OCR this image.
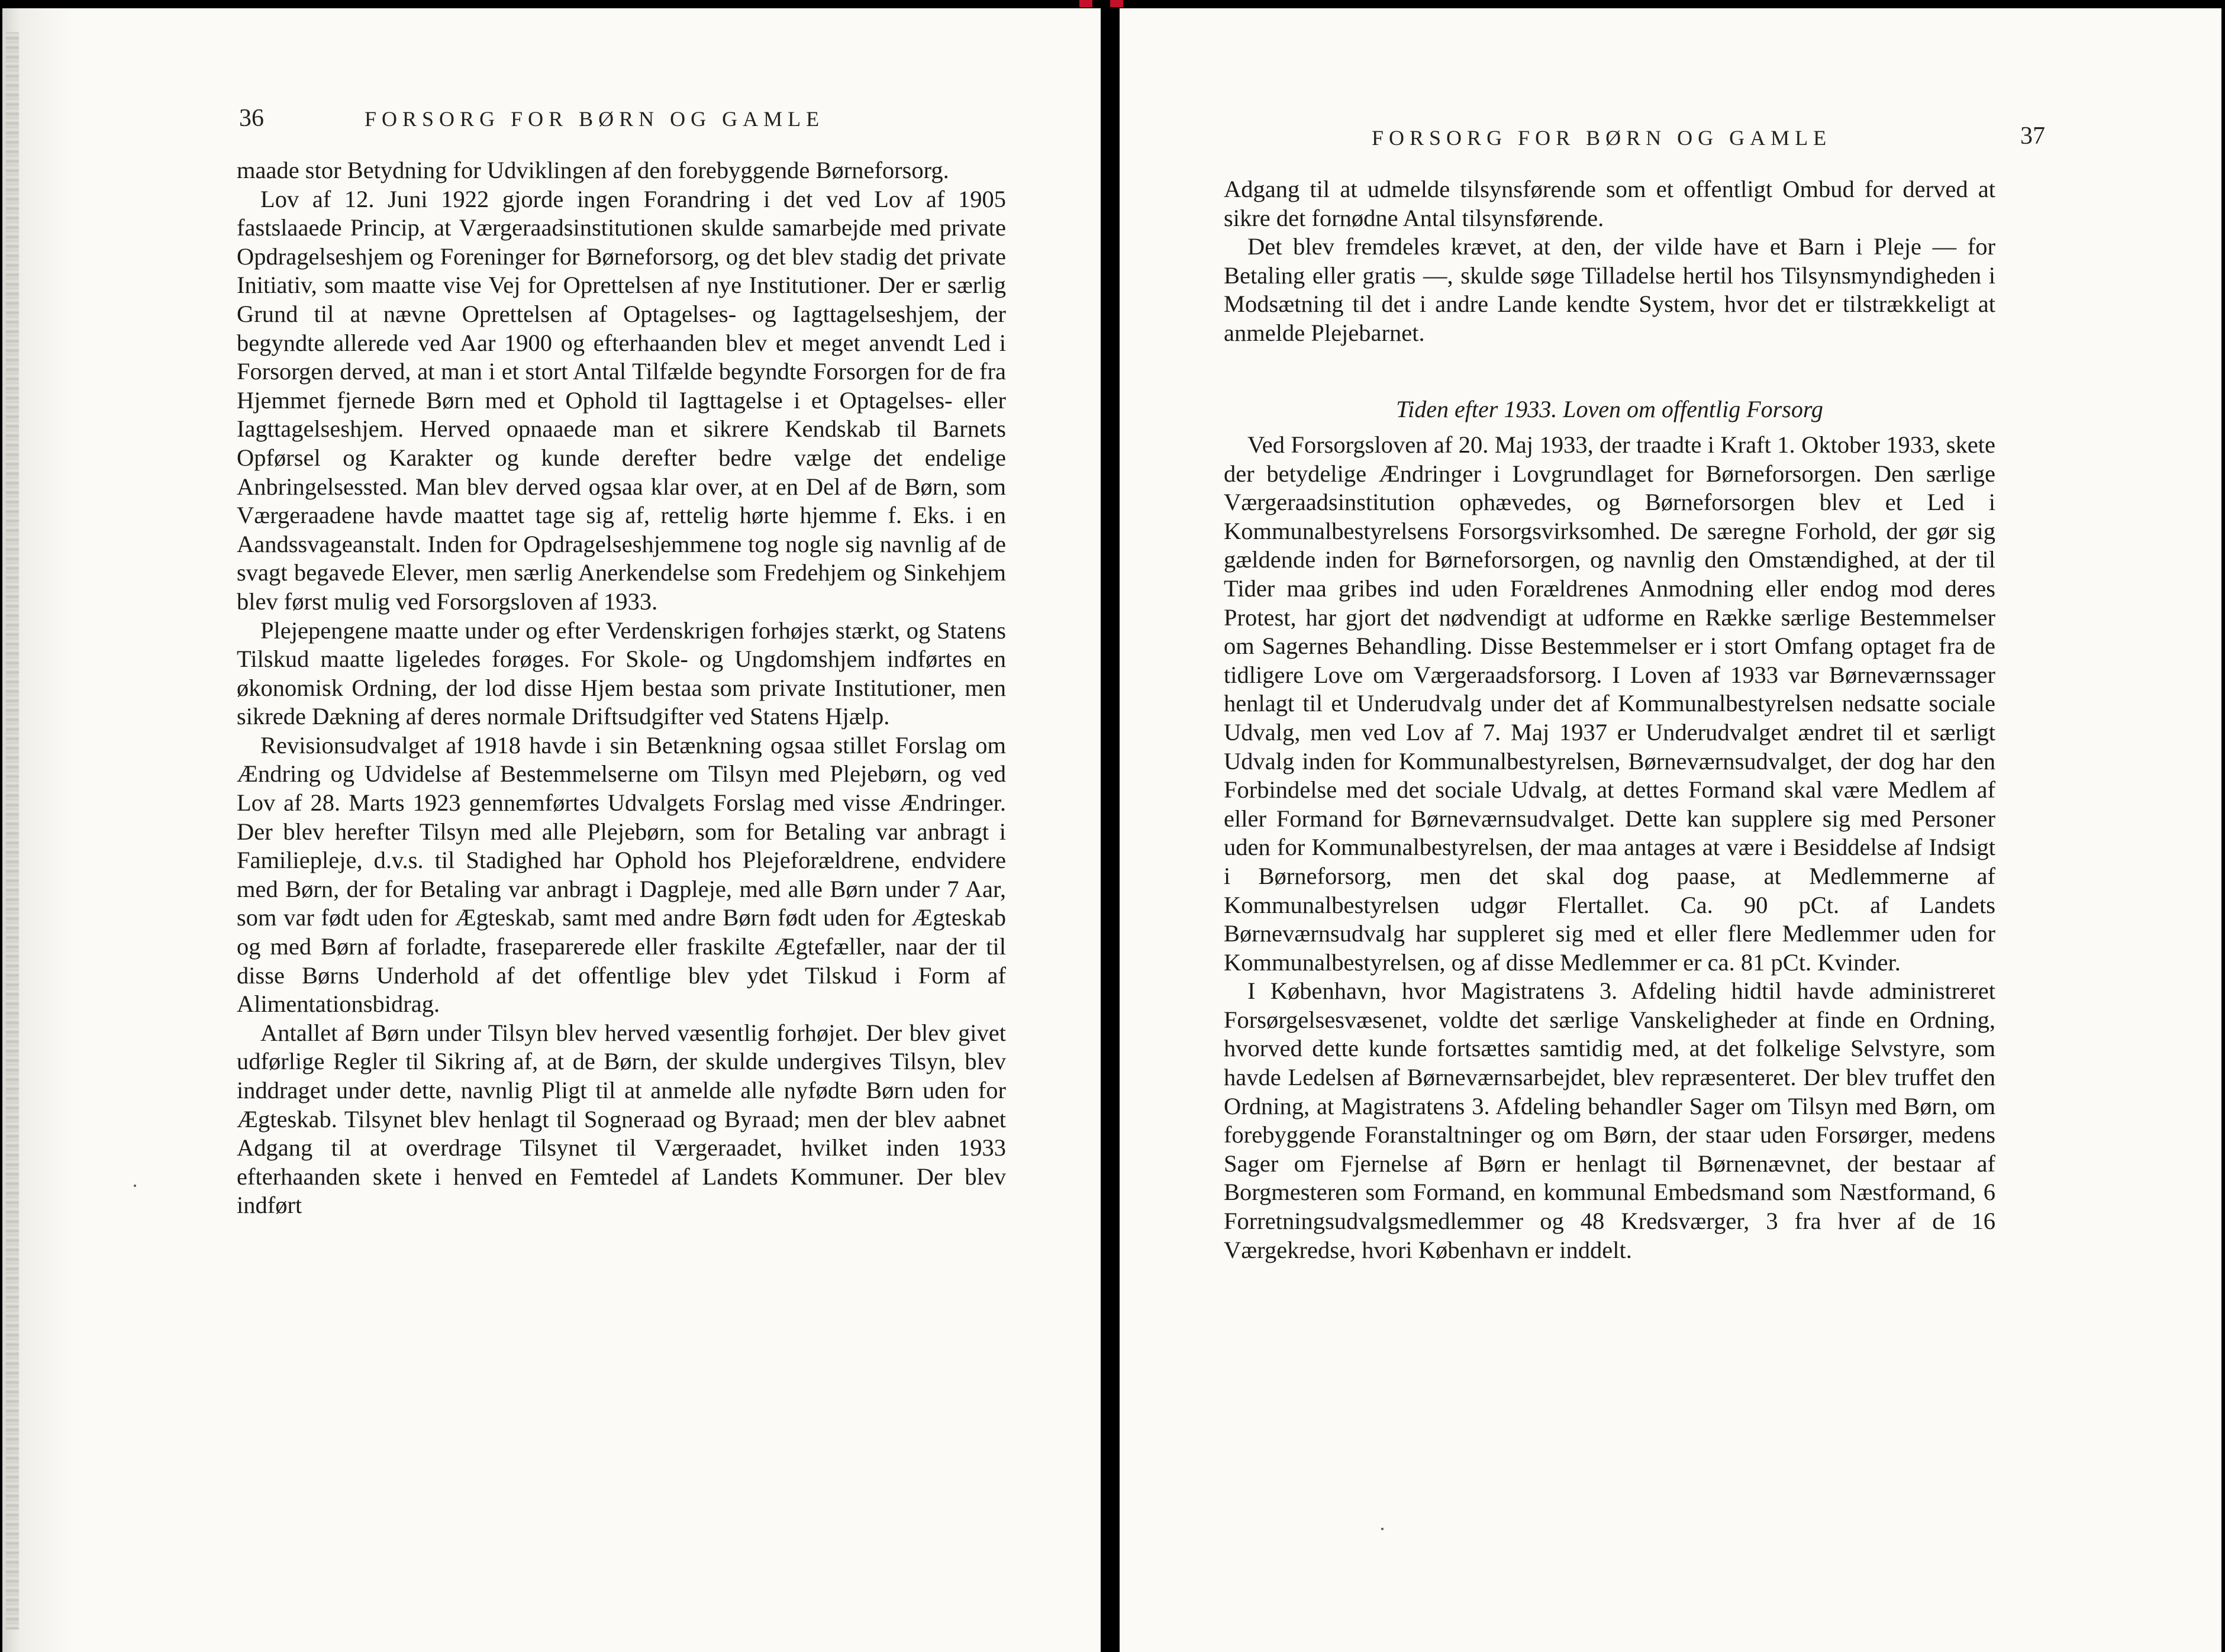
36	FORSORG FOR BØRN OG GAMLE

maade stor Betydning for Udviklingen af den forebyggende Børneforsorg.

Lov af 12. Juni 1922 gjorde ingen Forandring i det ved Lov af 1905 fastslaaede Princip, at Værgeraadsinstitutionen skulde samarbejde med private Opdragelseshjem og Foreninger for Børneforsorg, og det blev stadig det private Initiativ, som maatte vise Vej for Oprettelsen af nye Institutioner. Der er særlig Grund til at nævne Oprettelsen af Optagelses- og Iagttagelseshjem, der begyndte allerede ved Aar 1900 og efterhaanden blev et meget anvendt Led i Forsorgen derved, at man i et stort Antal Tilfælde begyndte Forsorgen for de fra Hjemmet fjernede Børn med et Ophold til Iagttagelse i et Optagelses- eller Iagttagelseshjem. Herved opnaaede man et sikrere Kendskab til Barnets Opførsel og Karakter og kunde derefter bedre vælge det endelige Anbringelsessted. Man blev derved ogsaa klar over, at en Del af de Børn, som Værgeraadene havde maattet tage sig af, rettelig hørte hjemme f. Eks. i en Aandssvageanstalt. Inden for Opdragelseshjemmene tog nogle sig navnlig af de svagt begavede Elever, men særlig Anerkendelse som Fredehjem og Sinkehjem blev først mulig ved Forsorgsloven af 1933.

Plejepengene maatte under og efter Verdenskrigen forhøjes stærkt, og Statens Tilskud maatte ligeledes forøges. For Skole- og Ungdomshjem indførtes en økonomisk Ordning, der lod disse Hjem bestaa som private Institutioner, men sikrede Dækning af deres normale Driftsudgifter ved Statens Hjælp.

Revisionsudvalget af 1918 havde i sin Betænkning ogsaa stillet Forslag om Ændring og Udvidelse af Bestemmelserne om Tilsyn med Plejebørn, og ved Lov af 28. Marts 1923 gennemførtes Udvalgets Forslag med visse Ændringer. Der blev herefter Tilsyn med alle Plejebørn, som for Betaling var anbragt i Familiepleje, d.v.s. til Stadighed har Ophold hos Plejeforældrene, endvidere med Børn, der for Betaling var anbragt i Dagpleje, med alle Børn under 7 Aar, som var født uden for Ægteskab, samt med andre Børn født uden for Ægteskab og med Børn af forladte, fraseparerede eller fraskilte Ægtefæller, naar der til disse Børns Underhold af det offentlige blev ydet Tilskud i Form af Alimentationsbidrag.

Antallet af Børn under Tilsyn blev herved væsentlig forhøjet. Der blev givet udførlige Regler til Sikring af, at de Børn, der skulde undergives Tilsyn, blev inddraget under dette, navnlig Pligt til at anmelde alle nyfødte Børn uden for Ægteskab. Tilsynet blev henlagt til Sogneraad og Byraad; men der blev aabnet Adgang til at overdrage Tilsynet til Værgeraadet, hvilket inden 1933 efterhaanden skete i henved en Femtedel af Landets Kommuner. Der blev indført

FORSORG FOR BØRN OG GAMLE	37

Adgang til at udmelde tilsynsførende som et offentligt Ombud for derved at sikre det fornødne Antal tilsynsførende.

Det blev fremdeles krævet, at den, der vilde have et Barn i Pleje — for Betaling eller gratis —, skulde søge Tilladelse hertil hos Tilsynsmyndigheden i Modsætning til det i andre Lande kendte System, hvor det er tilstrækkeligt at anmelde Plejebarnet.

Tiden efter 1933. Loven om offentlig Forsorg

Ved Forsorgsloven af 20. Maj 1933, der traadte i Kraft 1. Oktober 1933, skete der betydelige Ændringer i Lovgrundlaget for Børneforsorgen. Den særlige Værgeraadsinstitution ophævedes, og Børneforsorgen blev et Led i Kommunalbestyrelsens Forsorgsvirksomhed. De særegne Forhold, der gør sig gældende inden for Børneforsorgen, og navnlig den Omstændighed, at der til Tider maa gribes ind uden Forældrenes Anmodning eller endog mod deres Protest, har gjort det nødvendigt at udforme en Række særlige Bestemmelser om Sagernes Behandling. Disse Bestemmelser er i stort Omfang optaget fra de tidligere Love om Værgeraadsforsorg. I Loven af 1933 var Børneværnssager henlagt til et Underudvalg under det af Kommunalbestyrelsen nedsatte sociale Udvalg, men ved Lov af 7. Maj 1937 er Underudvalget ændret til et særligt Udvalg inden for Kommunalbestyrelsen, Børneværnsudvalget, der dog har den Forbindelse med det sociale Udvalg, at dettes Formand skal være Medlem af eller Formand for Børneværnsudvalget. Dette kan supplere sig med Personer uden for Kommunalbestyrelsen, der maa antages at være i Besiddelse af Indsigt i Børneforsorg, men det skal dog paase, at Medlemmerne af Kommunalbestyrelsen udgør Flertallet. Ca. 90 pCt. af Landets Børneværnsudvalg har suppleret sig med et eller flere Medlemmer uden for Kommunalbestyrelsen, og af disse Medlemmer er ca. 81 pCt. Kvinder.

I København, hvor Magistratens 3. Afdeling hidtil havde administreret Forsørgelsesvæsenet, voldte det særlige Vanskeligheder at finde en Ordning, hvorved dette kunde fortsættes samtidig med, at det folkelige Selvstyre, som havde Ledelsen af Børneværnsarbejdet, blev repræsenteret. Der blev truffet den Ordning, at Magistratens 3. Afdeling behandler Sager om Tilsyn med Børn, om forebyggende Foranstaltninger og om Børn, der staar uden Forsørger, medens Sager om Fjernelse af Børn er henlagt til Børnenævnet, der bestaar af Borgmesteren som Formand, en kommunal Embedsmand som Næstformand, 6 Forretningsudvalgsmedlemmer og 48 Kredsværger, 3 fra hver af de 16 Værgekredse, hvori København er inddelt.
